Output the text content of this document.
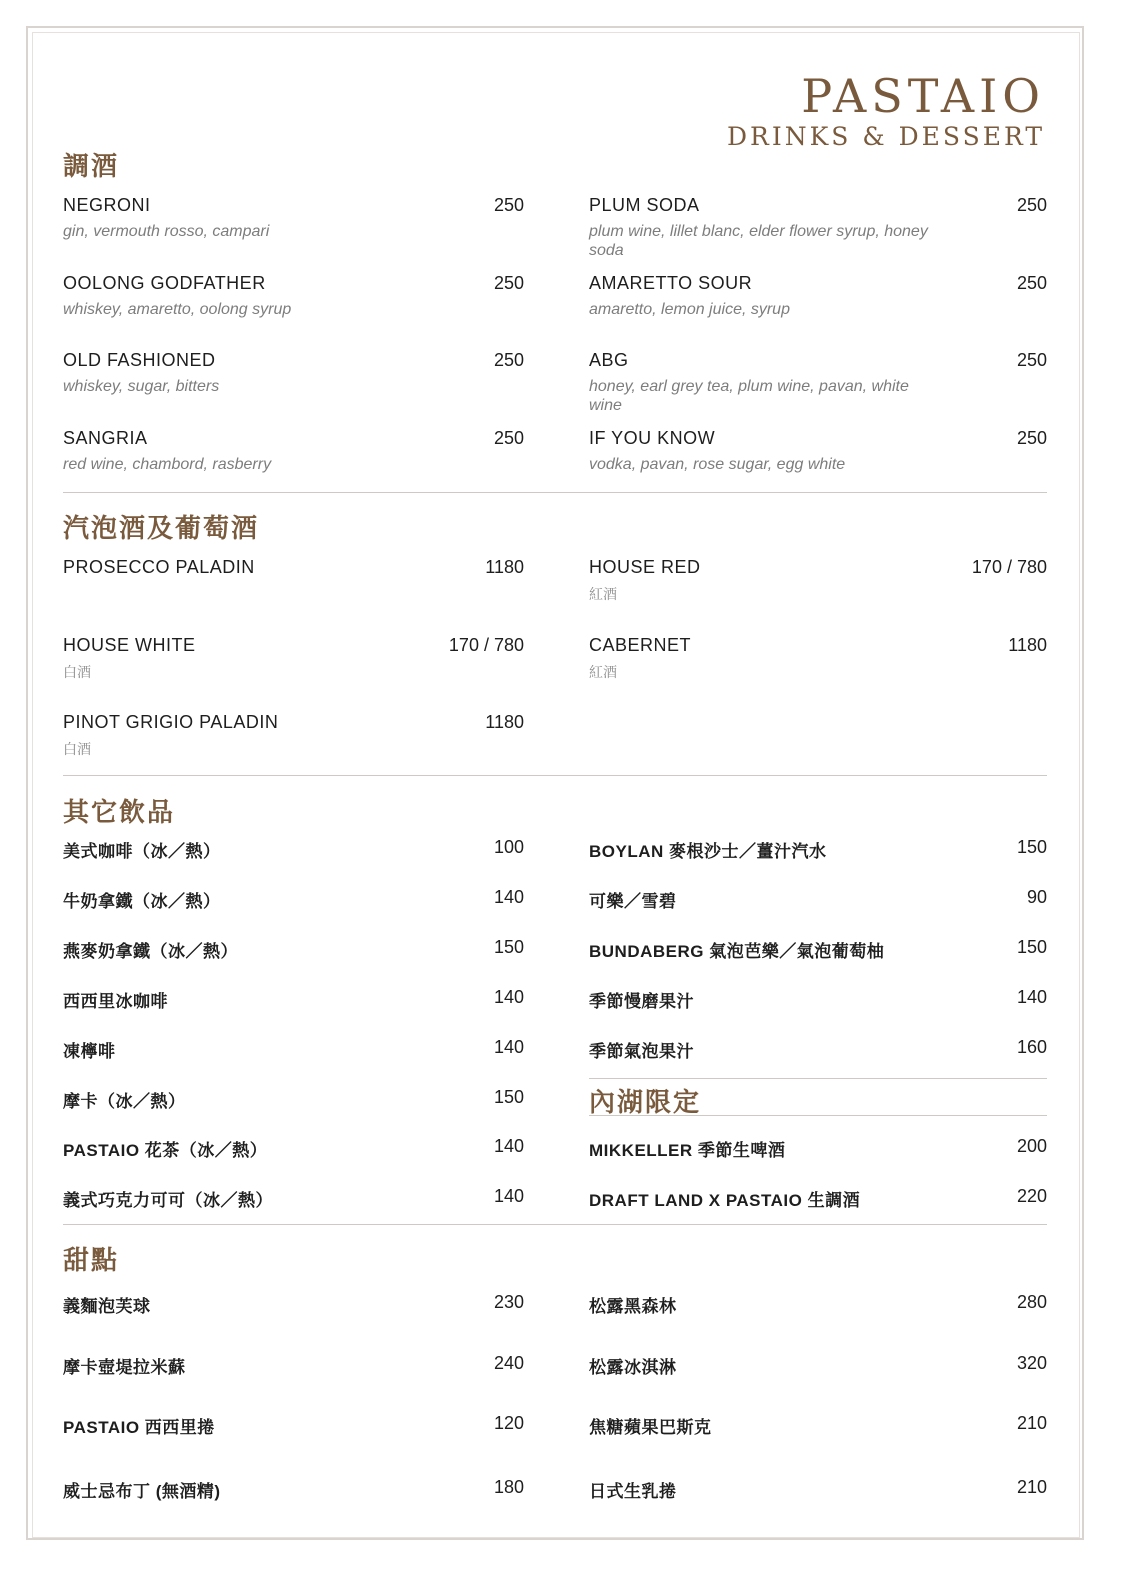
PASTAIO
DRINKS & DESSERT
調酒
NEGRONI	250
gin, vermouth rosso, campari
OOLONG GODFATHER	250
whiskey, amaretto, oolong syrup
OLD FASHIONED	250
whiskey, sugar, bitters
SANGRIA	250
red wine, chambord, rasberry
PLUM SODA	250
plum wine, lillet blanc, elder flower syrup, honey soda
AMARETTO SOUR	250
amaretto, lemon juice, syrup
ABG	250
honey, earl grey tea, plum wine, pavan, white wine
IF YOU KNOW	250
vodka, pavan, rose sugar, egg white
汽泡酒及葡萄酒
PROSECCO PALADIN	1180
HOUSE WHITE	170 / 780
白酒
PINOT GRIGIO PALADIN	1180
白酒
HOUSE RED	170 / 780
紅酒
CABERNET	1180
紅酒
其它飲品
美式咖啡（冰／熱）	100
牛奶拿鐵（冰／熱）	140
燕麥奶拿鐵（冰／熱）	150
西西里冰咖啡	140
凍檸啡	140
摩卡（冰／熱）	150
PASTAIO 花茶（冰／熱）	140
義式巧克力可可（冰／熱）	140
BOYLAN 麥根沙士／薑汁汽水	150
可樂／雪碧	90
BUNDABERG 氣泡芭樂／氣泡葡萄柚	150
季節慢磨果汁	140
季節氣泡果汁	160
內湖限定
MIKKELLER 季節生啤酒	200
DRAFT LAND X PASTAIO 生調酒	220
甜點
義麵泡芙球	230
摩卡壺堤拉米蘇	240
PASTAIO 西西里捲	120
威士忌布丁 (無酒精)	180
松露黑森林	280
松露冰淇淋	320
焦糖蘋果巴斯克	210
日式生乳捲	210
